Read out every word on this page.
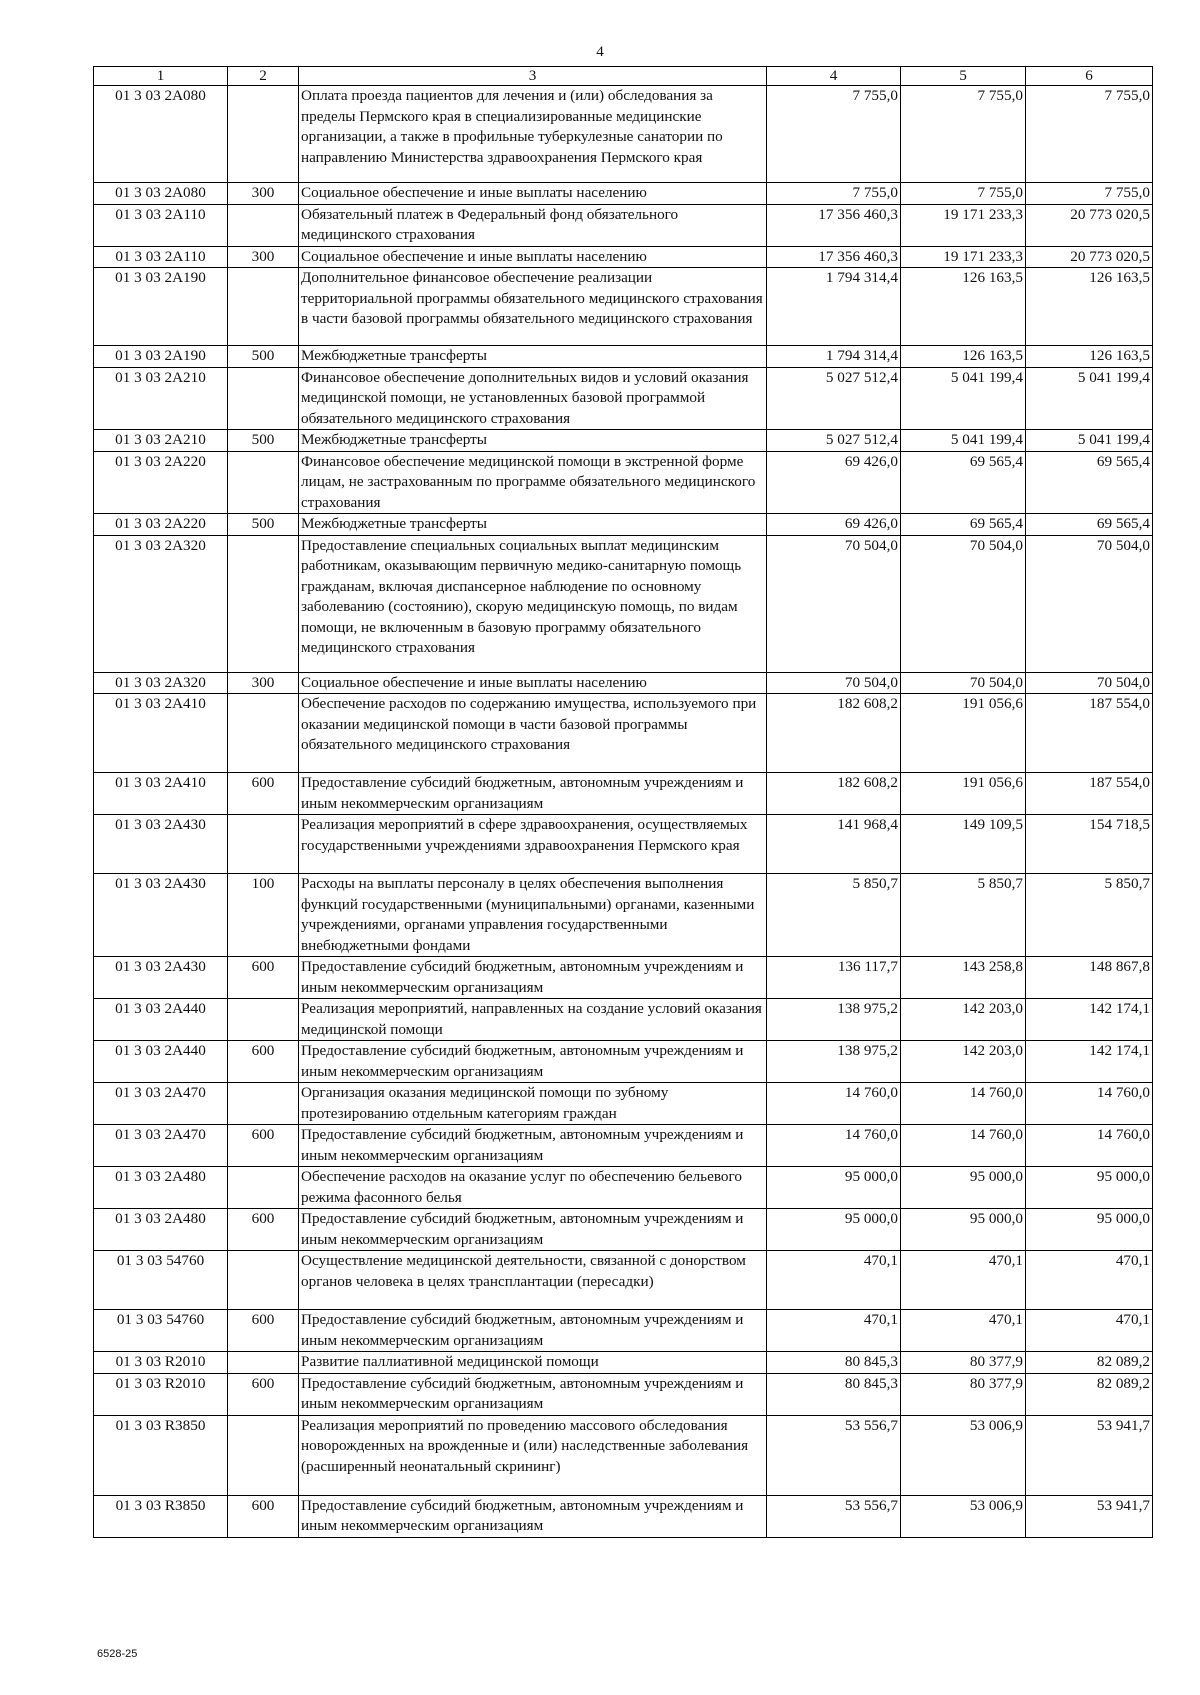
4
1	2	3	4	5	6
01 3 03 2А080		Оплата проезда пациентов для лечения и (или) обследования за пределы Пермского края в специализированные медицинские организации, а также в профильные туберкулезные санатории по направлению Министерства здравоохранения Пермского края	7 755,0	7 755,0	7 755,0
01 3 03 2А080	300	Социальное обеспечение и иные выплаты населению	7 755,0	7 755,0	7 755,0
01 3 03 2А110		Обязательный платеж в Федеральный фонд обязательного медицинского страхования	17 356 460,3	19 171 233,3	20 773 020,5
01 3 03 2А110	300	Социальное обеспечение и иные выплаты населению	17 356 460,3	19 171 233,3	20 773 020,5
01 3 03 2А190		Дополнительное финансовое обеспечение реализации территориальной программы обязательного медицинского страхования в части базовой программы обязательного медицинского страхования	1 794 314,4	126 163,5	126 163,5
01 3 03 2А190	500	Межбюджетные трансферты	1 794 314,4	126 163,5	126 163,5
01 3 03 2А210		Финансовое обеспечение дополнительных видов и условий оказания медицинской помощи, не установленных базовой программой обязательного медицинского страхования	5 027 512,4	5 041 199,4	5 041 199,4
01 3 03 2А210	500	Межбюджетные трансферты	5 027 512,4	5 041 199,4	5 041 199,4
01 3 03 2А220		Финансовое обеспечение медицинской помощи в экстренной форме лицам, не застрахованным по программе обязательного медицинского страхования	69 426,0	69 565,4	69 565,4
01 3 03 2А220	500	Межбюджетные трансферты	69 426,0	69 565,4	69 565,4
01 3 03 2А320		Предоставление специальных социальных выплат медицинским работникам, оказывающим первичную медико-санитарную помощь гражданам, включая диспансерное наблюдение по основному заболеванию (состоянию), скорую медицинскую помощь, по видам помощи, не включенным в базовую программу обязательного медицинского страхования	70 504,0	70 504,0	70 504,0
01 3 03 2А320	300	Социальное обеспечение и иные выплаты населению	70 504,0	70 504,0	70 504,0
01 3 03 2А410		Обеспечение расходов по содержанию имущества, используемого при оказании медицинской помощи в части базовой программы обязательного медицинского страхования	182 608,2	191 056,6	187 554,0
01 3 03 2А410	600	Предоставление субсидий бюджетным, автономным учреждениям и иным некоммерческим организациям	182 608,2	191 056,6	187 554,0
01 3 03 2А430		Реализация мероприятий в сфере здравоохранения, осуществляемых государственными учреждениями здравоохранения Пермского края	141 968,4	149 109,5	154 718,5
01 3 03 2А430	100	Расходы на выплаты персоналу в целях обеспечения выполнения функций государственными (муниципальными) органами, казенными учреждениями, органами управления государственными внебюджетными фондами	5 850,7	5 850,7	5 850,7
01 3 03 2А430	600	Предоставление субсидий бюджетным, автономным учреждениям и иным некоммерческим организациям	136 117,7	143 258,8	148 867,8
01 3 03 2А440		Реализация мероприятий, направленных на создание условий оказания медицинской помощи	138 975,2	142 203,0	142 174,1
01 3 03 2А440	600	Предоставление субсидий бюджетным, автономным учреждениям и иным некоммерческим организациям	138 975,2	142 203,0	142 174,1
01 3 03 2А470		Организация оказания медицинской помощи по зубному протезированию отдельным категориям граждан	14 760,0	14 760,0	14 760,0
01 3 03 2А470	600	Предоставление субсидий бюджетным, автономным учреждениям и иным некоммерческим организациям	14 760,0	14 760,0	14 760,0
01 3 03 2А480		Обеспечение расходов на оказание услуг по обеспечению бельевого режима фасонного белья	95 000,0	95 000,0	95 000,0
01 3 03 2А480	600	Предоставление субсидий бюджетным, автономным учреждениям и иным некоммерческим организациям	95 000,0	95 000,0	95 000,0
01 3 03 54760		Осуществление медицинской деятельности, связанной с донорством органов человека в целях трансплантации (пересадки)	470,1	470,1	470,1
01 3 03 54760	600	Предоставление субсидий бюджетным, автономным учреждениям и иным некоммерческим организациям	470,1	470,1	470,1
01 3 03 R2010		Развитие паллиативной медицинской помощи	80 845,3	80 377,9	82 089,2
01 3 03 R2010	600	Предоставление субсидий бюджетным, автономным учреждениям и иным некоммерческим организациям	80 845,3	80 377,9	82 089,2
01 3 03 R3850		Реализация мероприятий по проведению массового обследования новорожденных на врожденные и (или) наследственные заболевания (расширенный неонатальный скрининг)	53 556,7	53 006,9	53 941,7
01 3 03 R3850	600	Предоставление субсидий бюджетным, автономным учреждениям и иным некоммерческим организациям	53 556,7	53 006,9	53 941,7
6528-25
